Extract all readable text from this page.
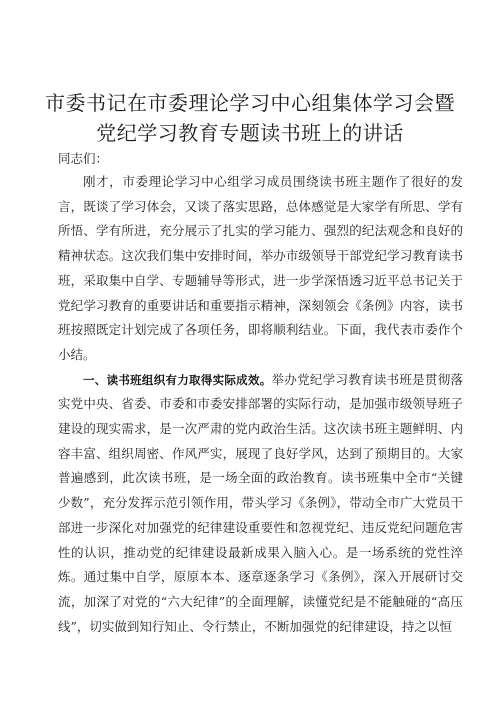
市委书记在市委理论学习中心组集体学习会暨
党纪学习教育专题读书班上的讲话
同志们：

刚才，市委理论学习中心组学习成员围绕读书班主题作了很好的发言，既谈了学习体会，又谈了落实思路，总体感觉是大家学有所思、学有所悟、学有所进，充分展示了扎实的学习能力、强烈的纪法观念和良好的精神状态。这次我们集中安排时间，举办市级领导干部党纪学习教育读书班，采取集中自学、专题辅导等形式，进一步学深悟透习近平总书记关于党纪学习教育的重要讲话和重要指示精神，深刻领会《条例》内容，读书班按照既定计划完成了各项任务，即将顺利结业。下面，我代表市委作个小结。

一、读书班组织有力取得实际成效。举办党纪学习教育读书班是贯彻落实党中央、省委、市委和市委安排部署的实际行动，是加强市级领导班子建设的现实需求，是一次严肃的党内政治生活。这次读书班主题鲜明、内容丰富、组织周密、作风严实，展现了良好学风，达到了预期目的。大家普遍感到，此次读书班，是一场全面的政治教育。读书班集中全市“关键少数”，充分发挥示范引领作用，带头学习《条例》，带动全市广大党员干部进一步深化对加强党的纪律建设重要性和忽视党纪、违反党纪问题危害性的认识，推动党的纪律建设最新成果入脑入心。是一场系统的党性淬炼。通过集中自学，原原本本、逐章逐条学习《条例》，深入开展研讨交流，加深了对党的“六大纪律”的全面理解，读懂党纪是不能触碰的“高压线”，切实做到知行知止、令行禁止，不断加强党的纪律建设，持之以恒
